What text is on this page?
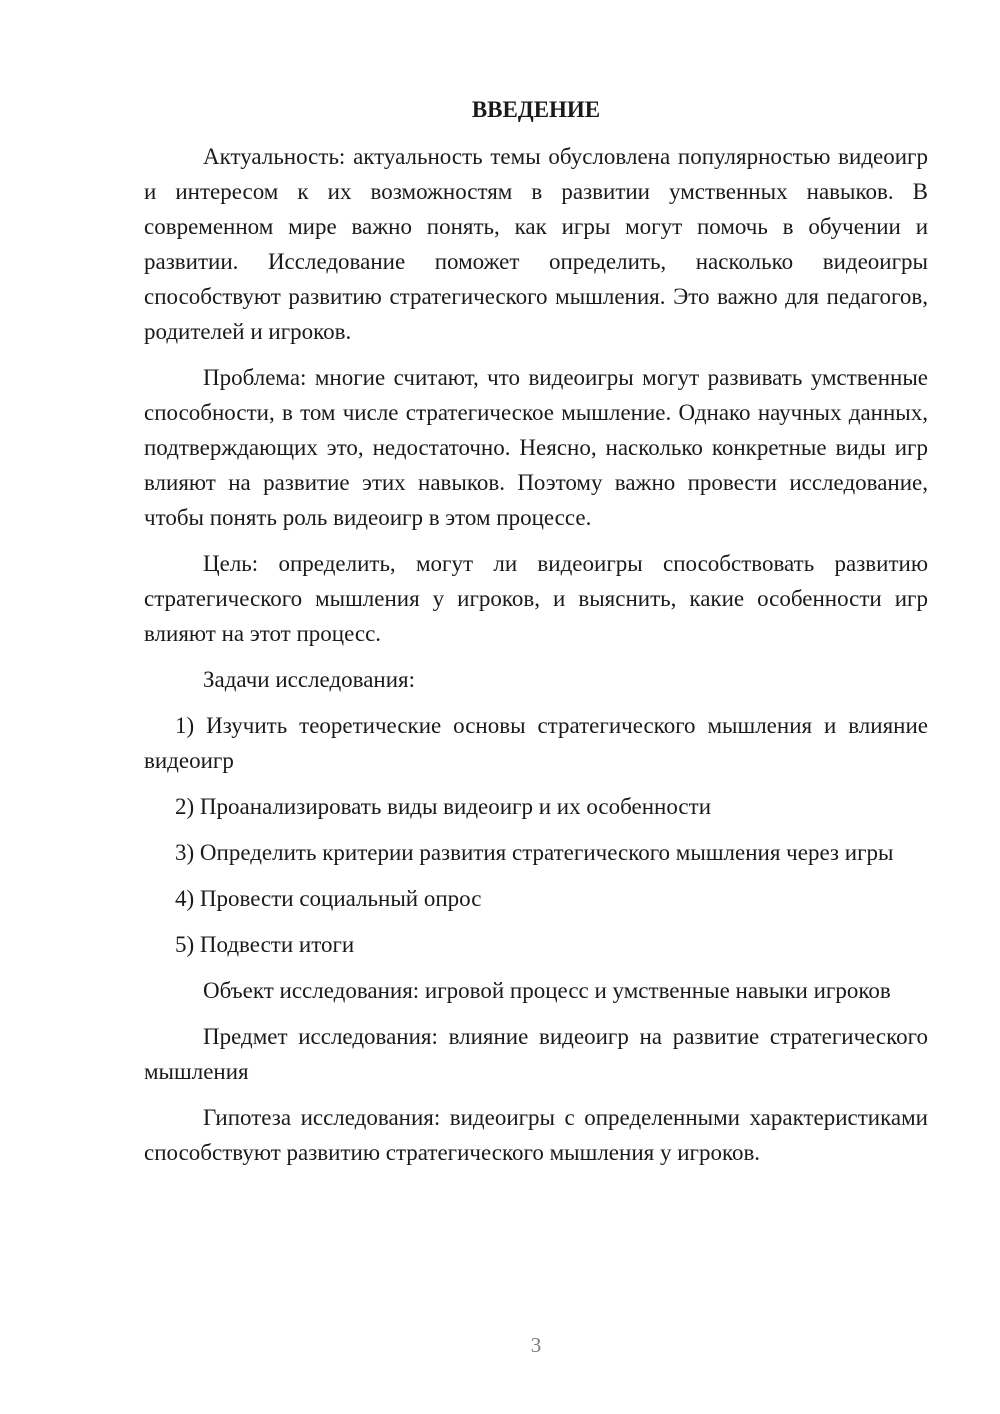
ВВЕДЕНИЕ

Актуальность: актуальность темы обусловлена популярностью видеоигр и интересом к их возможностям в развитии умственных навыков. В современном мире важно понять, как игры могут помочь в обучении и развитии. Исследование поможет определить, насколько видеоигры способствуют развитию стратегического мышления. Это важно для педагогов, родителей и игроков.

Проблема: многие считают, что видеоигры могут развивать умственные способности, в том числе стратегическое мышление. Однако научных данных, подтверждающих это, недостаточно. Неясно, насколько конкретные виды игр влияют на развитие этих навыков. Поэтому важно провести исследование, чтобы понять роль видеоигр в этом процессе.

Цель: определить, могут ли видеоигры способствовать развитию стратегического мышления у игроков, и выяснить, какие особенности игр влияют на этот процесс.

Задачи исследования:

1) Изучить теоретические основы стратегического мышления и влияние видеоигр

2) Проанализировать виды видеоигр и их особенности

3) Определить критерии развития стратегического мышления через игры

4) Провести социальный опрос

5) Подвести итоги

Объект исследования: игровой процесс и умственные навыки игроков

Предмет исследования: влияние видеоигр на развитие стратегического мышления

Гипотеза исследования: видеоигры с определенными характеристиками способствуют развитию стратегического мышления у игроков.

3
